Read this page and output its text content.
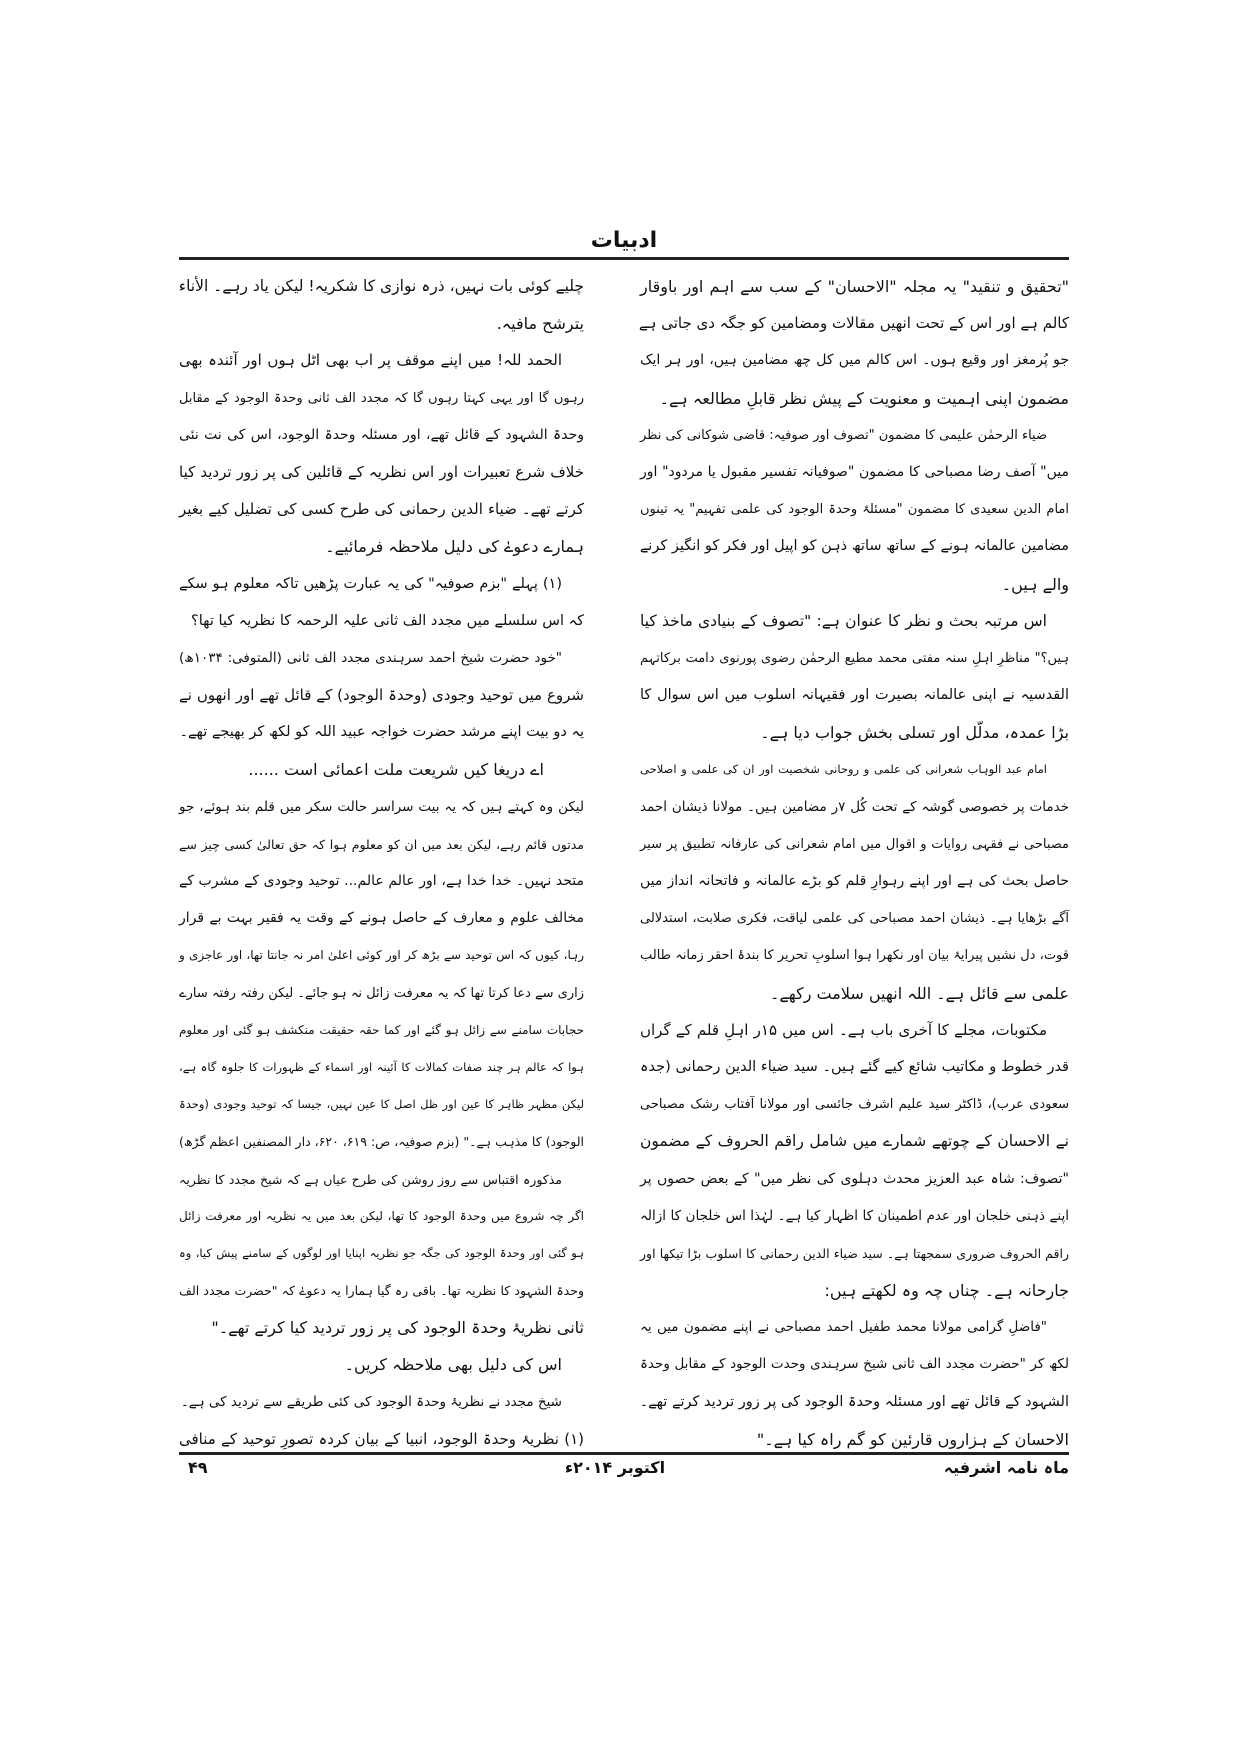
ادبیات
"تحقیق و تنقید" یہ مجلہ "الاحسان" کے سب سے اہم اور باوقار
کالم ہے اور اس کے تحت انھیں مقالات ومضامین کو جگہ دی جاتی ہے
جو پُرمغز اور وقیع ہوں۔ اس کالم میں کل چھ مضامین ہیں، اور ہر ایک
مضمون اپنی اہمیت و معنویت کے پیش نظر قابلِ مطالعہ ہے۔
ضیاء الرحمٰن علیمی کا مضمون "تصوف اور صوفیہ: قاضی شوکانی کی نظر
میں" آصف رضا مصباحی کا مضمون "صوفیانہ تفسیر مقبول یا مردود" اور
امام الدین سعیدی کا مضمون "مسئلۂ وحدۃ الوجود کی علمی تفہیم" یہ تینوں
مضامین عالمانہ ہونے کے ساتھ ساتھ ذہن کو اپیل اور فکر کو انگیز کرنے
والے ہیں۔
اس مرتبہ بحث و نظر کا عنوان ہے: "تصوف کے بنیادی ماخذ کیا
ہیں؟" مناظرِ اہلِ سنہ مفتی محمد مطیع الرحمٰن رضوی پورنوی دامت برکاتہم
القدسیہ نے اپنی عالمانہ بصیرت اور فقیہانہ اسلوب میں اس سوال کا
بڑا عمدہ، مدلّل اور تسلی بخش جواب دیا ہے۔
امام عبد الوہاب شعرانی کی علمی و روحانی شخصیت اور ان کی علمی و اصلاحی
خدمات پر خصوصی گوشہ کے تحت کُل ۷ر مضامین ہیں۔ مولانا ذیشان احمد
مصباحی نے فقہی روایات و اقوال میں امام شعرانی کی عارفانہ تطبیق پر سیر
حاصل بحث کی ہے اور اپنے رہوارِ قلم کو بڑے عالمانہ و فاتحانہ انداز میں
آگے بڑھایا ہے۔ ذیشان احمد مصباحی کی علمی لیاقت، فکری صلابت، استدلالی
قوت، دل نشیں پیرایۂ بیان اور نکھرا ہوا اسلوبِ تحریر کا بندۂ احقر زمانہ طالب
علمی سے قائل ہے۔ اللہ انھیں سلامت رکھے۔
مکتوبات، مجلے کا آخری باب ہے۔ اس میں ۱۵ر اہلِ قلم کے گراں
قدر خطوط و مکاتیب شائع کیے گئے ہیں۔ سید ضیاء الدین رحمانی (جدہ
سعودی عرب)، ڈاکٹر سید علیم اشرف جائسی اور مولانا آفتاب رشک مصباحی
نے الاحسان کے چوتھے شمارے میں شامل راقم الحروف کے مضمون
"تصوف: شاہ عبد العزیز محدث دہلوی کی نظر میں" کے بعض حصوں پر
اپنے ذہنی خلجان اور عدم اطمینان کا اظہار کیا ہے۔ لہٰذا اس خلجان کا ازالہ
راقم الحروف ضروری سمجھتا ہے۔ سید ضیاء الدین رحمانی کا اسلوب بڑا تیکھا اور
جارحانہ ہے۔ چناں چہ وہ لکھتے ہیں:
"فاضلِ گرامی مولانا محمد طفیل احمد مصباحی نے اپنے مضمون میں یہ
لکھ کر "حضرت مجدد الف ثانی شیخ سرہندی وحدت الوجود کے مقابل وحدۃ
الشہود کے قائل تھے اور مسئلہ وحدۃ الوجود کی پر زور تردید کرتے تھے۔
الاحسان کے ہزاروں قارئین کو گم راہ کیا ہے۔"
چلیے کوئی بات نہیں، ذرہ نوازی کا شکریہ! لیکن یاد رہے۔ الأناء
یترشح مافیہ.
الحمد للہ! میں اپنے موقف پر اب بھی اٹل ہوں اور آئندہ بھی
رہوں گا اور یہی کہتا رہوں گا کہ مجدد الف ثانی وحدۃ الوجود کے مقابل
وحدۃ الشہود کے قائل تھے، اور مسئلہ وحدۃ الوجود، اس کی نت نئی
خلاف شرع تعبیرات اور اس نظریہ کے قائلین کی پر زور تردید کیا
کرتے تھے۔ ضیاء الدین رحمانی کی طرح کسی کی تضلیل کیے بغیر
ہمارے دعوےٰ کی دلیل ملاحظہ فرمائیے۔
(۱) پہلے "بزم صوفیہ" کی یہ عبارت پڑھیں تاکہ معلوم ہو سکے
کہ اس سلسلے میں مجدد الف ثانی علیہ الرحمہ کا نظریہ کیا تھا؟
"خود حضرت شیخ احمد سرہندی مجدد الف ثانی (المتوفی: ۱۰۳۴ھ)
شروع میں توحید وجودی (وحدۃ الوجود) کے قائل تھے اور انھوں نے
یہ دو بیت اپنے مرشد حضرت خواجہ عبید اللہ کو لکھ کر بھیجے تھے۔
اے دریغا کیں شریعت ملت اعمائی است ......
لیکن وہ کہتے ہیں کہ یہ بیت سراسر حالت سکر میں قلم بند ہوئے، جو
مدتوں قائم رہے، لیکن بعد میں ان کو معلوم ہوا کہ حق تعالیٰ کسی چیز سے
متحد نہیں۔ خدا خدا ہے، اور عالم عالم... توحید وجودی کے مشرب کے
مخالف علوم و معارف کے حاصل ہونے کے وقت یہ فقیر بہت بے قرار
رہا، کیوں کہ اس توحید سے بڑھ کر اور کوئی اعلیٰ امر نہ جانتا تھا، اور عاجزی و
زاری سے دعا کرتا تھا کہ یہ معرفت زائل نہ ہو جائے۔ لیکن رفتہ رفتہ سارے
حجابات سامنے سے زائل ہو گئے اور کما حقہ حقیقت منکشف ہو گئی اور معلوم
ہوا کہ عالم ہر چند صفات کمالات کا آئینہ اور اسماء کے ظہورات کا جلوہ گاہ ہے،
لیکن مظہر ظاہر کا عین اور ظل اصل کا عین نہیں، جیسا کہ توحید وجودی (وحدۃ
الوجود) کا مذہب ہے۔" (بزم صوفیہ، ص: ۶۱۹، ۶۲۰، دار المصنفین اعظم گڑھ)
مذکورہ اقتباس سے روز روشن کی طرح عیاں ہے کہ شیخ مجدد کا نظریہ
اگر چہ شروع میں وحدۃ الوجود کا تھا، لیکن بعد میں یہ نظریہ اور معرفت زائل
ہو گئی اور وحدۃ الوجود کی جگہ جو نظریہ اپنایا اور لوگوں کے سامنے پیش کیا، وہ
وحدۃ الشہود کا نظریہ تھا۔ باقی رہ گیا ہمارا یہ دعوےٰ کہ "حضرت مجدد الف
ثانی نظریۂ وحدۃ الوجود کی پر زور تردید کیا کرتے تھے۔"
اس کی دلیل بھی ملاحظہ کریں۔
شیخ مجدد نے نظریۂ وحدۃ الوجود کی کئی طریقے سے تردید کی ہے۔
(۱) نظریۂ وحدۃ الوجود، انبیا کے بیان کردہ تصورِ توحید کے منافی
ماہ نامہ اشرفیہ
اکتوبر ۲۰۱۴ء
۴۹
